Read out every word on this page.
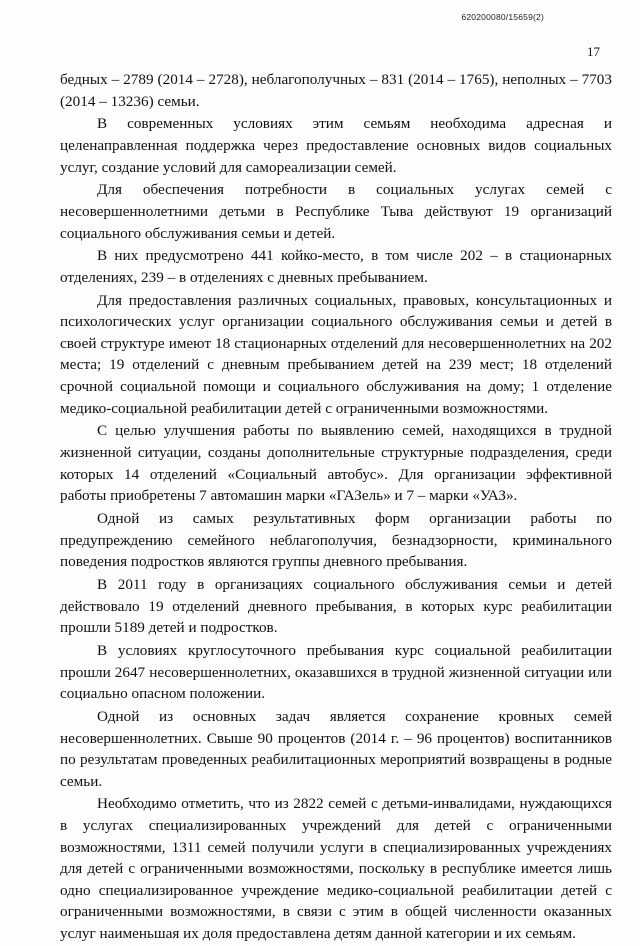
620200080/15659(2)
17

бедных – 2789 (2014 – 2728), неблагополучных – 831 (2014 – 1765), неполных – 7703 (2014 – 13236) семьи.

В современных условиях этим семьям необходима адресная и целенаправленная поддержка через предоставление основных видов социальных услуг, создание условий для самореализации семей.

Для обеспечения потребности в социальных услугах семей с несовершеннолетними детьми в Республике Тыва действуют 19 организаций социального обслуживания семьи и детей.

В них предусмотрено 441 койко-место, в том числе 202 – в стационарных отделениях, 239 – в отделениях с дневных пребыванием.

Для предоставления различных социальных, правовых, консультационных и психологических услуг организации социального обслуживания семьи и детей в своей структуре имеют 18 стационарных отделений для несовершеннолетних на 202 места; 19 отделений с дневным пребыванием детей на 239 мест; 18 отделений срочной социальной помощи и социального обслуживания на дому; 1 отделение медико-социальной реабилитации детей с ограниченными возможностями.

С целью улучшения работы по выявлению семей, находящихся в трудной жизненной ситуации, созданы дополнительные структурные подразделения, среди которых 14 отделений «Социальный автобус». Для организации эффективной работы приобретены 7 автомашин марки «ГАЗель» и 7 – марки «УАЗ».

Одной из самых результативных форм организации работы по предупреждению семейного неблагополучия, безнадзорности, криминального поведения подростков являются группы дневного пребывания.

В 2011 году в организациях социального обслуживания семьи и детей действовало 19 отделений дневного пребывания, в которых курс реабилитации прошли 5189 детей и подростков.

В условиях круглосуточного пребывания курс социальной реабилитации прошли 2647 несовершеннолетних, оказавшихся в трудной жизненной ситуации или социально опасном положении.

Одной из основных задач является сохранение кровных семей несовершеннолетних. Свыше 90 процентов (2014 г. – 96 процентов) воспитанников по результатам проведенных реабилитационных мероприятий возвращены в родные семьи.

Необходимо отметить, что из 2822 семей с детьми-инвалидами, нуждающихся в услугах специализированных учреждений для детей с ограниченными возможностями, 1311 семей получили услуги в специализированных учреждениях для детей с ограниченными возможностями, поскольку в республике имеется лишь одно специализированное учреждение медико-социальной реабилитации детей с ограниченными возможностями, в связи с этим в общей численности оказанных услуг наименьшая их доля предоставлена детям данной категории и их семьям.
